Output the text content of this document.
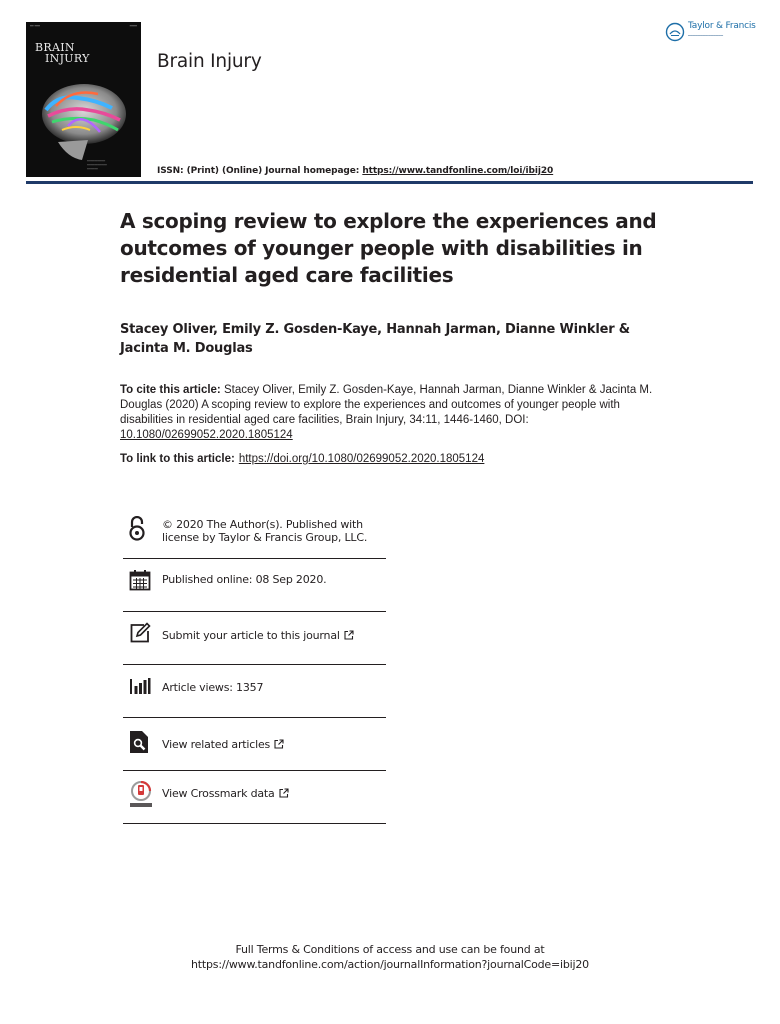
━━ ━━━	━━━━
BRAIN
INJURY
━━━━━━━━━━
━━━━━━━━━━━
━━━━━━
Brain Injury
Taylor & Francis
━━━━━━━━━━━━━━
ISSN: (Print) (Online) Journal homepage: https://www.tandfonline.com/loi/ibij20
A scoping review to explore the experiences and outcomes of younger people with disabilities in residential aged care facilities
Stacey Oliver, Emily Z. Gosden-Kaye, Hannah Jarman, Dianne Winkler & Jacinta M. Douglas
To cite this article: Stacey Oliver, Emily Z. Gosden-Kaye, Hannah Jarman, Dianne Winkler & Jacinta M. Douglas (2020) A scoping review to explore the experiences and outcomes of younger people with disabilities in residential aged care facilities, Brain Injury, 34:11, 1446-1460, DOI: 10.1080/02699052.2020.1805124
To link to this article: https://doi.org/10.1080/02699052.2020.1805124
© 2020 The Author(s). Published with license by Taylor & Francis Group, LLC.
Published online: 08 Sep 2020.
Submit your article to this journal
Article views: 1357
View related articles
View Crossmark data
Full Terms & Conditions of access and use can be found at
https://www.tandfonline.com/action/journalInformation?journalCode=ibij20
